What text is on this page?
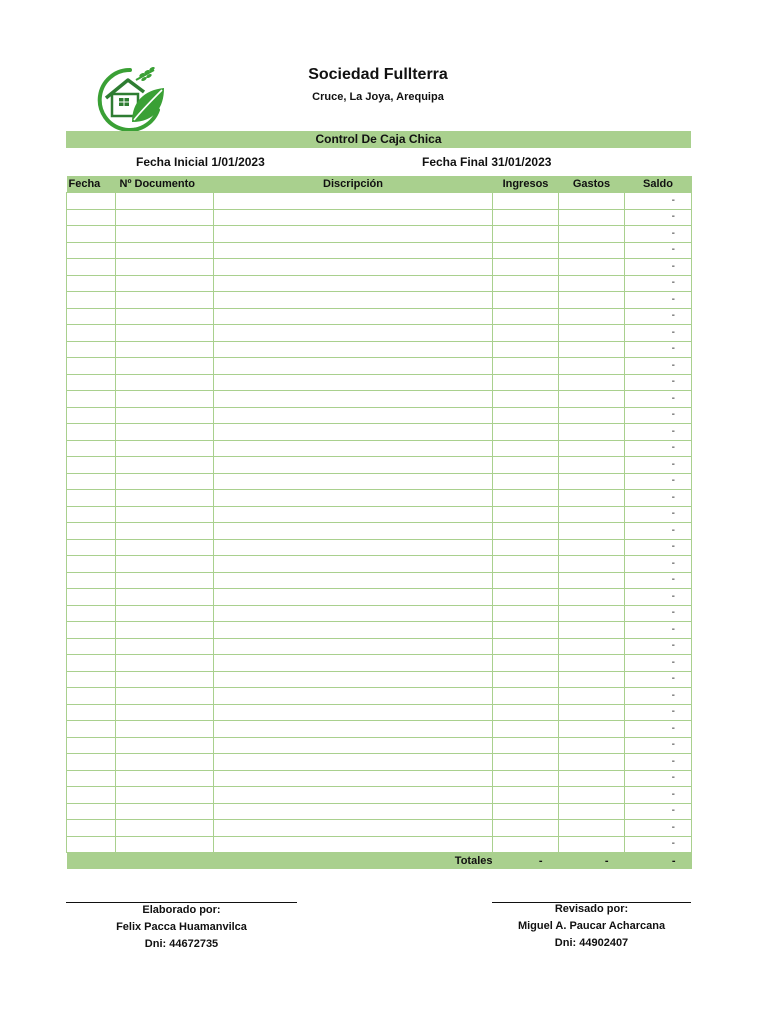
Sociedad Fullterra
Cruce, La Joya, Arequipa
Control De Caja Chica
Fecha Inicial 1/01/2023	Fecha Final 31/01/2023
Fecha	Nº Documento	Discripción	Ingresos	Gastos	Saldo
					-
					-
					-
					-
					-
					-
					-
					-
					-
					-
					-
					-
					-
					-
					-
					-
					-
					-
					-
					-
					-
					-
					-
					-
					-
					-
					-
					-
					-
					-
					-
					-
					-
					-
					-
					-
					-
					-
					-
					-
Totales			-	-	-
Elaborado por:
Felix Pacca Huamanvilca
Dni: 44672735
Revisado por:
Miguel A. Paucar Acharcana
Dni: 44902407
